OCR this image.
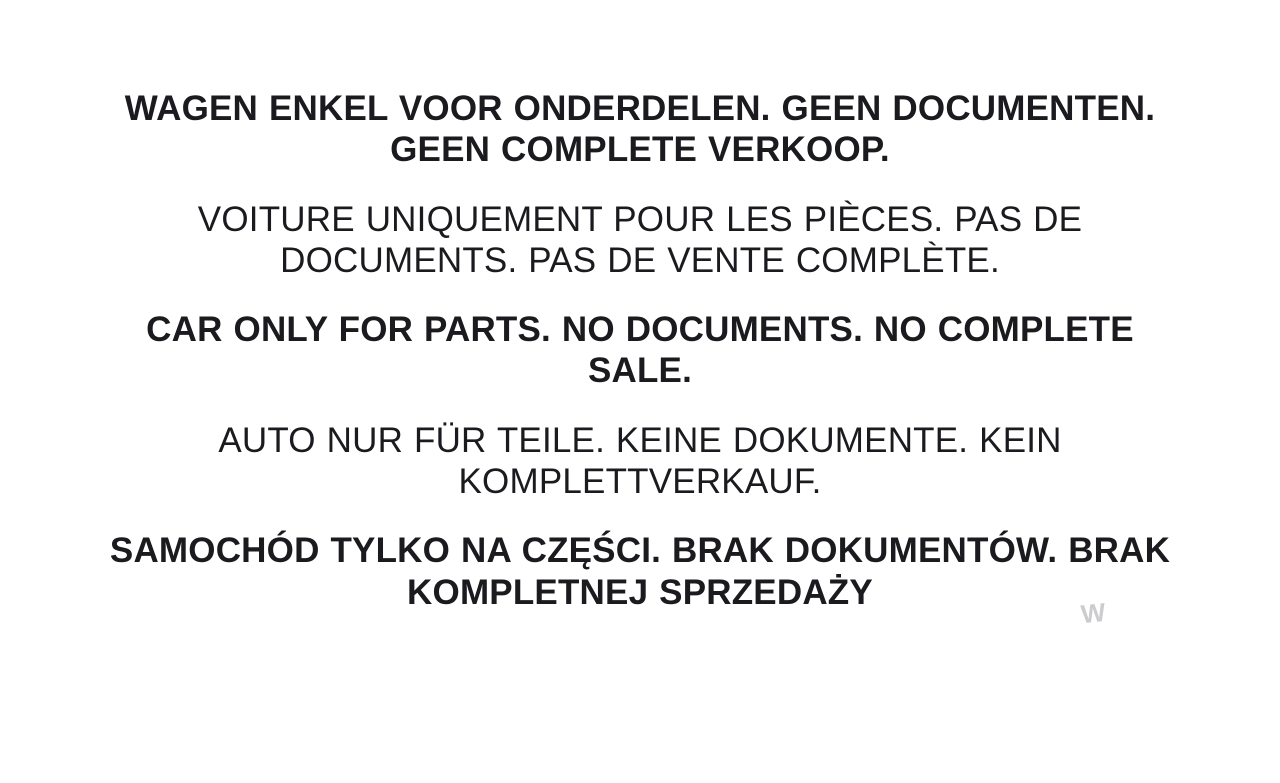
WAGEN ENKEL VOOR ONDERDELEN. GEEN DOCUMENTEN. GEEN COMPLETE VERKOOP.

VOITURE UNIQUEMENT POUR LES PIÈCES. PAS DE DOCUMENTS. PAS DE VENTE COMPLÈTE.

CAR ONLY FOR PARTS. NO DOCUMENTS. NO COMPLETE SALE.

AUTO NUR FÜR TEILE. KEINE DOKUMENTE. KEIN KOMPLETTVERKAUF.

SAMOCHÓD TYLKO NA CZĘŚCI. BRAK DOKUMENTÓW. BRAK KOMPLETNEJ SPRZEDAŻY

W
